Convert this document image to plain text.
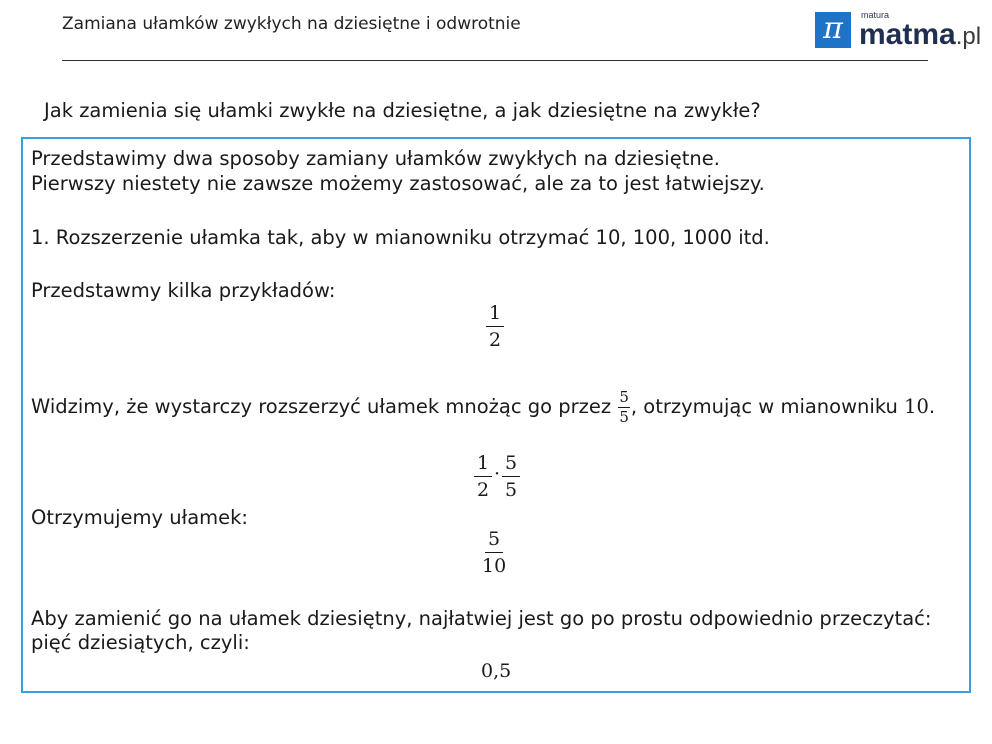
Zamiana ułamków zwykłych na dziesiętne i odwrotnie	π	matura
matma.pl
Jak zamienia się ułamki zwykłe na dziesiętne, a jak dziesiętne na zwykłe?
Przedstawimy dwa sposoby zamiany ułamków zwykłych na dziesiętne.
Pierwszy niestety nie zawsze możemy zastosować, ale za to jest łatwiejszy.
1. Rozszerzenie ułamka tak, aby w mianowniku otrzymać 10, 100, 1000 itd.
Przedstawmy kilka przykładów:
$\frac{1}{2}$
Widzimy, że wystarczy rozszerzyć ułamek mnożąc go przez $\frac{5}{5}$ , otrzymując w mianowniku 10.
$\frac{1}{2} \cdot \frac{5}{5}$
Otrzymujemy ułamek:
$\frac{5}{10}$
Aby zamienić go na ułamek dziesiętny, najłatwiej jest go po prostu odpowiednio przeczytać:
pięć dziesiątych, czyli:
0,5
